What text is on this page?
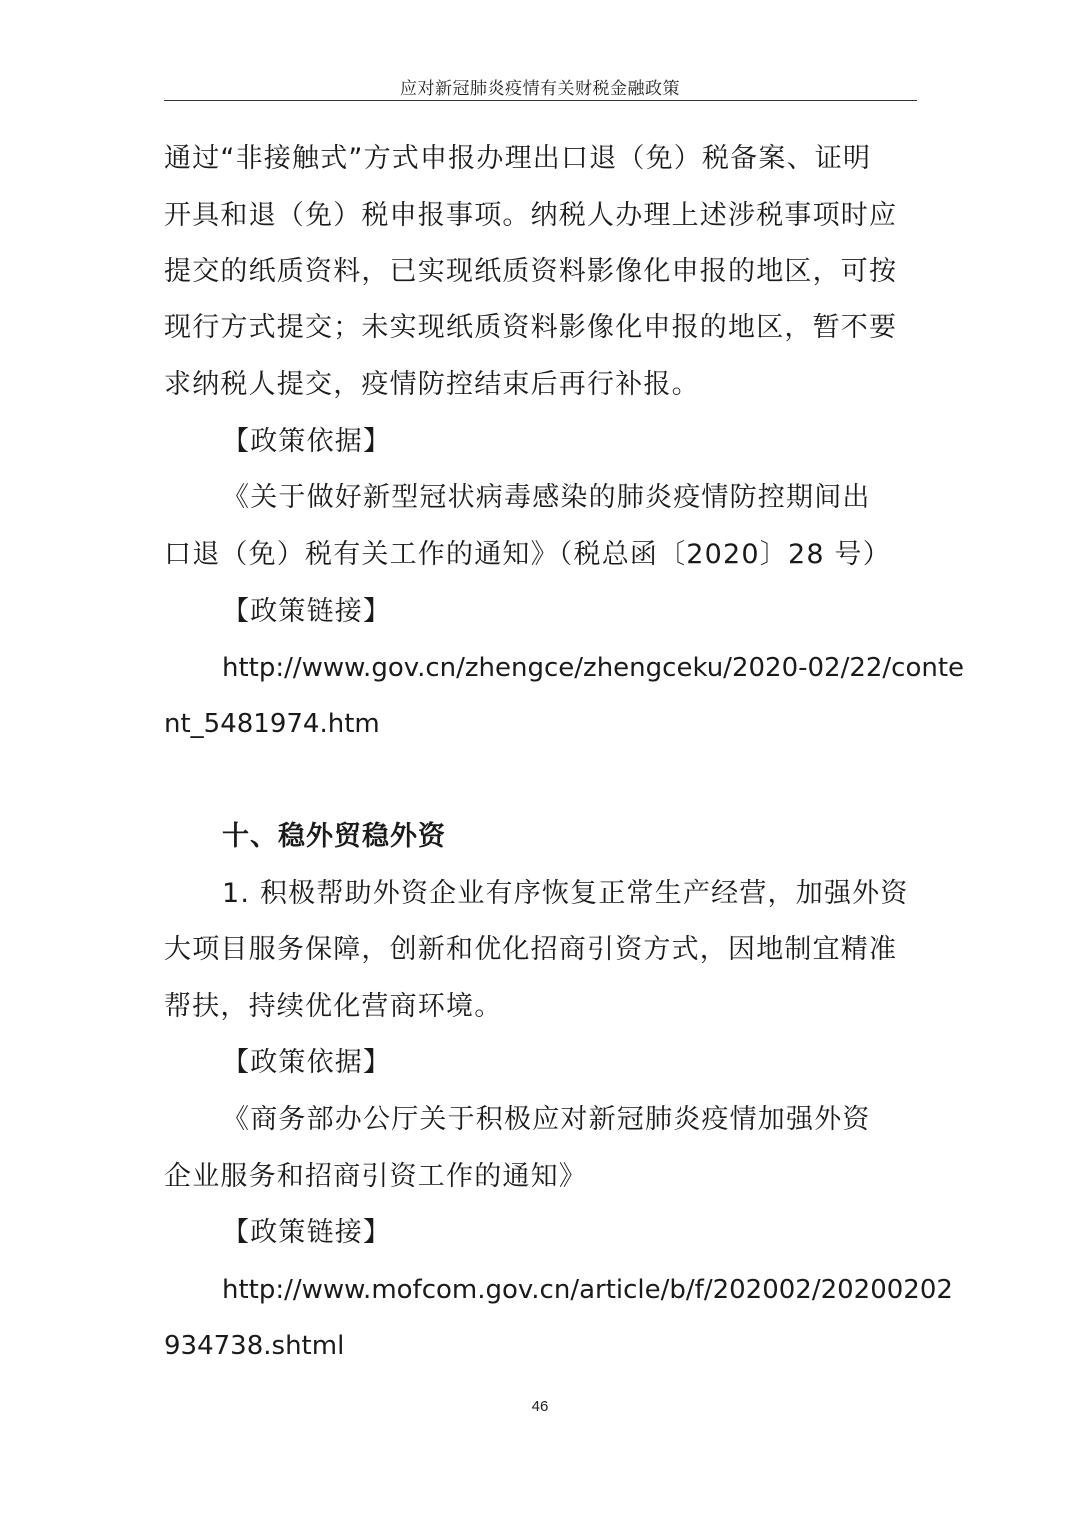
应对新冠肺炎疫情有关财税金融政策
通过“非接触式”方式申报办理出口退（免）税备案、证明
开具和退（免）税申报事项。纳税人办理上述涉税事项时应
提交的纸质资料，已实现纸质资料影像化申报的地区，可按
现行方式提交；未实现纸质资料影像化申报的地区，暂不要
求纳税人提交，疫情防控结束后再行补报。
【政策依据】
《关于做好新型冠状病毒感染的肺炎疫情防控期间出
口退（免）税有关工作的通知》（税总函〔2020〕28 号）
【政策链接】
http://www.gov.cn/zhengce/zhengceku/2020-02/22/conte
nt_5481974.htm
十、稳外贸稳外资
1. 积极帮助外资企业有序恢复正常生产经营，加强外资
大项目服务保障，创新和优化招商引资方式，因地制宜精准
帮扶，持续优化营商环境。
【政策依据】
《商务部办公厅关于积极应对新冠肺炎疫情加强外资
企业服务和招商引资工作的通知》
【政策链接】
http://www.mofcom.gov.cn/article/b/f/202002/20200202
934738.shtml
46
